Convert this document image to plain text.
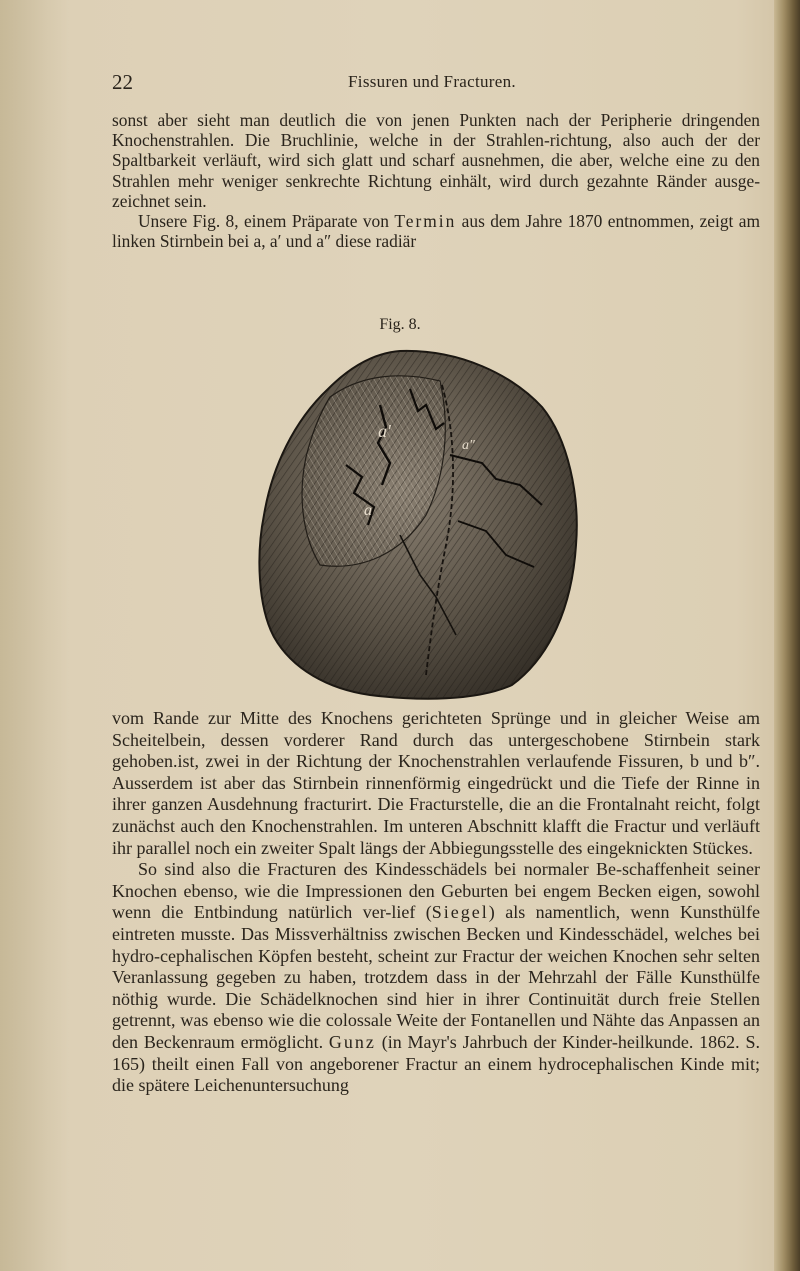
22	Fissuren und Fracturen.

sonst aber sieht man deutlich die von jenen Punkten nach der Peripherie dringenden Knochenstrahlen. Die Bruchlinie, welche in der Strahlen-richtung, also auch der der Spaltbarkeit verläuft, wird sich glatt und scharf ausnehmen, die aber, welche eine zu den Strahlen mehr weniger senkrechte Richtung einhält, wird durch gezahnte Ränder ausge-zeichnet sein.

Unsere Fig. 8, einem Präparate von Termin aus dem Jahre 1870 entnommen, zeigt am linken Stirnbein bei a, a′ und a″ diese radiär

Fig. 8.
a′
a″
a

vom Rande zur Mitte des Knochens gerichteten Sprünge und in gleicher Weise am Scheitelbein, dessen vorderer Rand durch das untergeschobene Stirnbein stark gehoben.ist, zwei in der Richtung der Knochenstrahlen verlaufende Fissuren, b und b″. Ausserdem ist aber das Stirnbein rinnenförmig eingedrückt und die Tiefe der Rinne in ihrer ganzen Ausdehnung fracturirt. Die Fracturstelle, die an die Frontalnaht reicht, folgt zunächst auch den Knochenstrahlen. Im unteren Abschnitt klafft die Fractur und verläuft ihr parallel noch ein zweiter Spalt längs der Abbiegungsstelle des eingeknickten Stückes.

So sind also die Fracturen des Kindesschädels bei normaler Be-schaffenheit seiner Knochen ebenso, wie die Impressionen den Geburten bei engem Becken eigen, sowohl wenn die Entbindung natürlich ver-lief (Siegel) als namentlich, wenn Kunsthülfe eintreten musste. Das Missverhältniss zwischen Becken und Kindesschädel, welches bei hydro-cephalischen Köpfen besteht, scheint zur Fractur der weichen Knochen sehr selten Veranlassung gegeben zu haben, trotzdem dass in der Mehrzahl der Fälle Kunsthülfe nöthig wurde. Die Schädelknochen sind hier in ihrer Continuität durch freie Stellen getrennt, was ebenso wie die colossale Weite der Fontanellen und Nähte das Anpassen an den Beckenraum ermöglicht. Gunz (in Mayr's Jahrbuch der Kinder-heilkunde. 1862. S. 165) theilt einen Fall von angeborener Fractur an einem hydrocephalischen Kinde mit; die spätere Leichenuntersuchung
